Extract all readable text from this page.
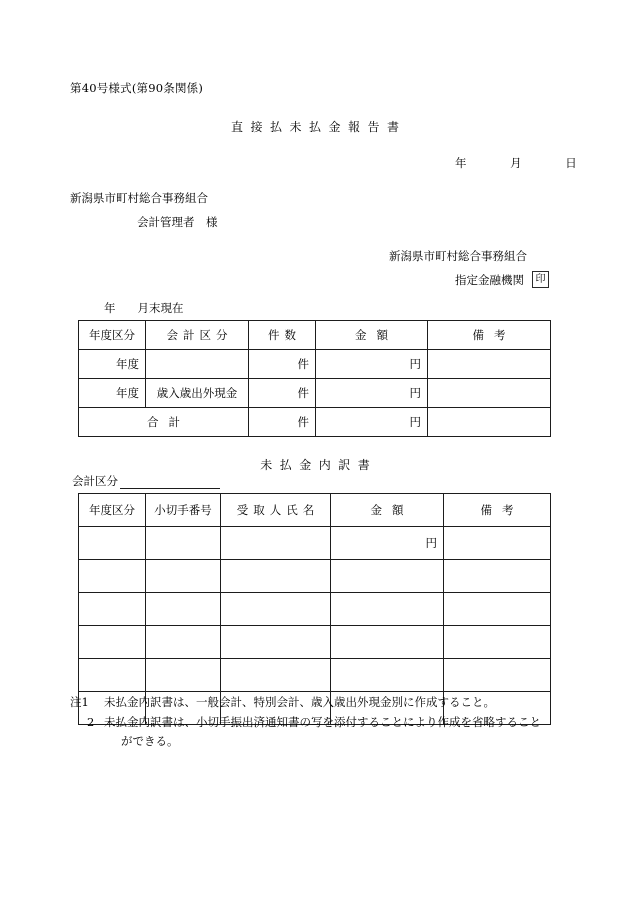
第40号様式(第90条関係)
直接払未払金報告書
年 月 日
新潟県市町村総合事務組合
会計管理者　様
新潟県市町村総合事務組合
指定金融機関	印
年 月末現在
年度区分	会計区分	件数	金額	備考
年度		件	円	
年度	歳入歳出外現金	件	円	
合計		件	円	
未払金内訳書
会計区分
年度区分	小切手番号	受取人氏名	金額	備考
			円	

注1	未払金内訳書は、一般会計、特別会計、歳入歳出外現金別に作成すること。
2 未払金内訳書は、小切手振出済通知書の写を添付することにより作成を省略すること
ができる。
